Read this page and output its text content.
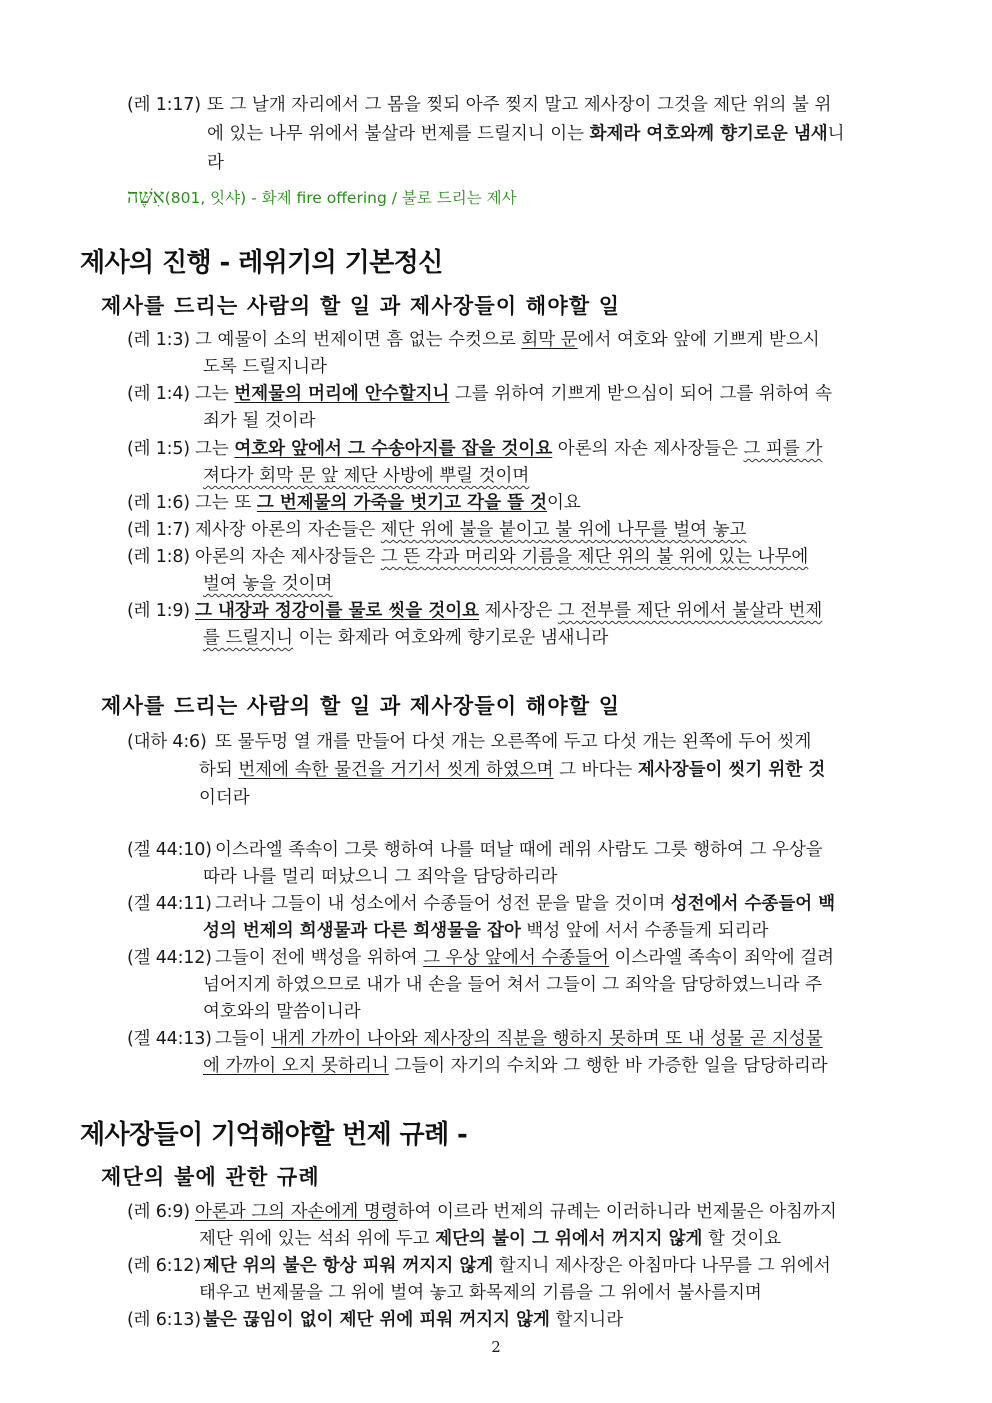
(레 1:17) 또 그 날개 자리에서 그 몸을 찢되 아주 찢지 말고 제사장이 그것을 제단 위의 불 위
에 있는 나무 위에서 불살라 번제를 드릴지니 이는 화제라 여호와께 향기로운 냄새니
라
אִשֶּׁה(801, 잇샤) - 화제 fire offering / 불로 드리는 제사
제사의 진행 - 레위기의 기본정신
제사를 드리는 사람의 할 일 과 제사장들이 해야할 일
(레 1:3) 그 예물이 소의 번제이면 흠 없는 수컷으로 회막 문에서 여호와 앞에 기쁘게 받으시
도록 드릴지니라
(레 1:4) 그는 번제물의 머리에 안수할지니 그를 위하여 기쁘게 받으심이 되어 그를 위하여 속
죄가 될 것이라
(레 1:5) 그는 여호와 앞에서 그 수송아지를 잡을 것이요 아론의 자손 제사장들은 그 피를 가
져다가 회막 문 앞 제단 사방에 뿌릴 것이며
(레 1:6) 그는 또 그 번제물의 가죽을 벗기고 각을 뜰 것이요
(레 1:7) 제사장 아론의 자손들은 제단 위에 불을 붙이고 불 위에 나무를 벌여 놓고
(레 1:8) 아론의 자손 제사장들은 그 뜬 각과 머리와 기름을 제단 위의 불 위에 있는 나무에
벌여 놓을 것이며
(레 1:9) 그 내장과 정강이를 물로 씻을 것이요 제사장은 그 전부를 제단 위에서 불살라 번제
를 드릴지니 이는 화제라 여호와께 향기로운 냄새니라
제사를 드리는 사람의 할 일 과 제사장들이 해야할 일
(대하 4:6) 또 물두멍 열 개를 만들어 다섯 개는 오른쪽에 두고 다섯 개는 왼쪽에 두어 씻게
하되 번제에 속한 물건을 거기서 씻게 하였으며 그 바다는 제사장들이 씻기 위한 것
이더라
(겔 44:10) 이스라엘 족속이 그릇 행하여 나를 떠날 때에 레위 사람도 그릇 행하여 그 우상을
따라 나를 멀리 떠났으니 그 죄악을 담당하리라
(겔 44:11) 그러나 그들이 내 성소에서 수종들어 성전 문을 맡을 것이며 성전에서 수종들어 백
성의 번제의 희생물과 다른 희생물을 잡아 백성 앞에 서서 수종들게 되리라
(겔 44:12) 그들이 전에 백성을 위하여 그 우상 앞에서 수종들어 이스라엘 족속이 죄악에 걸려
넘어지게 하였으므로 내가 내 손을 들어 쳐서 그들이 그 죄악을 담당하였느니라 주
여호와의 말씀이니라
(겔 44:13) 그들이 내게 가까이 나아와 제사장의 직분을 행하지 못하며 또 내 성물 곧 지성물
에 가까이 오지 못하리니 그들이 자기의 수치와 그 행한 바 가증한 일을 담당하리라
제사장들이 기억해야할 번제 규례 -
제단의 불에 관한 규례
(레 6:9) 아론과 그의 자손에게 명령하여 이르라 번제의 규례는 이러하니라 번제물은 아침까지
제단 위에 있는 석쇠 위에 두고 제단의 불이 그 위에서 꺼지지 않게 할 것이요
(레 6:12) 제단 위의 불은 항상 피워 꺼지지 않게 할지니 제사장은 아침마다 나무를 그 위에서
태우고 번제물을 그 위에 벌여 놓고 화목제의 기름을 그 위에서 불사를지며
(레 6:13) 불은 끊임이 없이 제단 위에 피워 꺼지지 않게 할지니라
2
